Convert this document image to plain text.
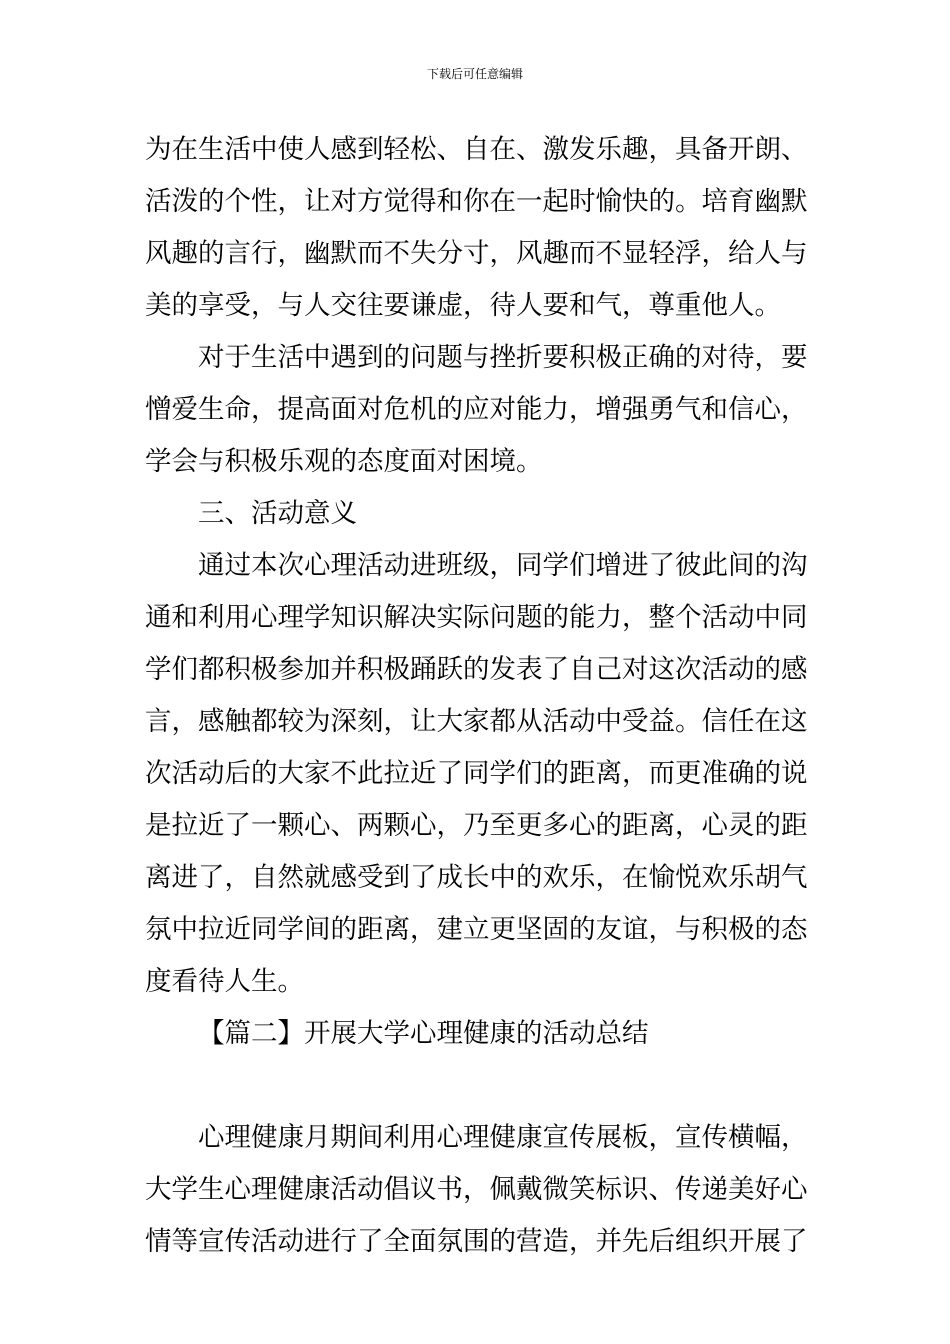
下载后可任意编辑
为在生活中使人感到轻松、自在、激发乐趣，具备开朗、
活泼的个性，让对方觉得和你在一起时愉快的。培育幽默
风趣的言行，幽默而不失分寸，风趣而不显轻浮，给人与
美的享受，与人交往要谦虚，待人要和气，尊重他人。
对于生活中遇到的问题与挫折要积极正确的对待，要
憎爱生命，提高面对危机的应对能力，增强勇气和信心，
学会与积极乐观的态度面对困境。
三、活动意义
通过本次心理活动进班级，同学们增进了彼此间的沟
通和利用心理学知识解决实际问题的能力，整个活动中同
学们都积极参加并积极踊跃的发表了自己对这次活动的感
言，感触都较为深刻，让大家都从活动中受益。信任在这
次活动后的大家不此拉近了同学们的距离，而更准确的说
是拉近了一颗心、两颗心，乃至更多心的距离，心灵的距
离进了，自然就感受到了成长中的欢乐，在愉悦欢乐胡气
氛中拉近同学间的距离，建立更坚固的友谊，与积极的态
度看待人生。
【篇二】开展大学心理健康的活动总结
心理健康月期间利用心理健康宣传展板，宣传横幅，
大学生心理健康活动倡议书，佩戴微笑标识、传递美好心
情等宣传活动进行了全面氛围的营造，并先后组织开展了
